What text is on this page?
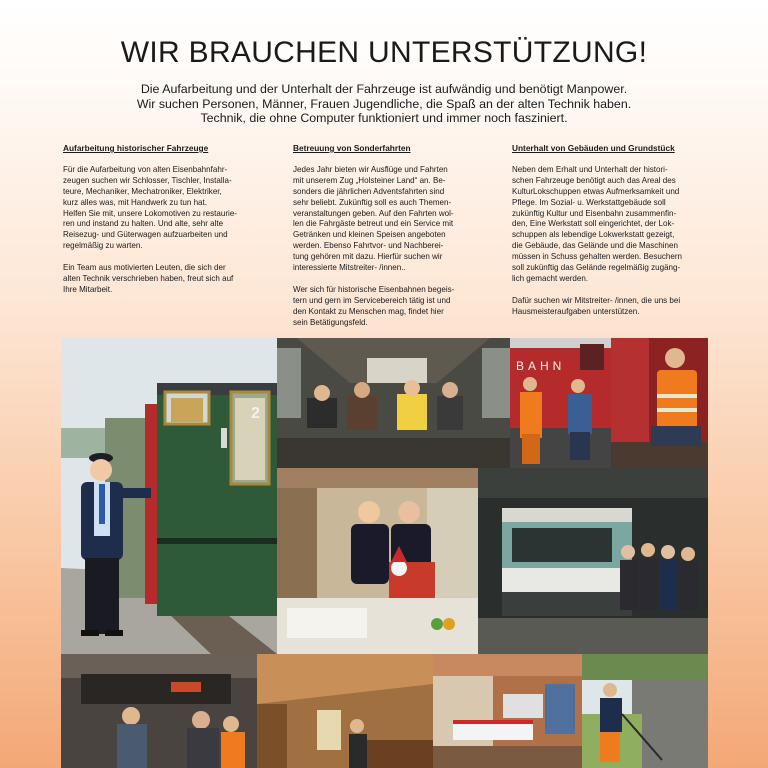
WIR BRAUCHEN UNTERSTÜTZUNG!

Die Aufarbeitung und der Unterhalt der Fahrzeuge ist aufwändig und benötigt Manpower.
Wir suchen Personen, Männer, Frauen Jugendliche, die Spaß an der alten Technik haben.
Technik, die ohne Computer funktioniert und immer noch fasziniert.

Aufarbeitung historischer Fahrzeuge

Für die Aufarbeitung von alten Eisenbahnfahr-
zeugen suchen wir Schlosser, Tischler, Installa-
teure, Mechaniker, Mechatroniker, Elektriker,
kurz alles was, mit Handwerk zu tun hat.
Helfen Sie mit, unsere Lokomotiven zu restaurie-
ren und instand zu halten. Und alte, sehr alte
Reisezug- und Güterwagen aufzuarbeiten und
regelmäßig zu warten.

Ein Team aus motivierten Leuten, die sich der
alten Technik verschrieben haben, freut sich auf
Ihre Mitarbeit.

Betreuung von Sonderfahrten

Jedes Jahr bieten wir Ausflüge und Fahrten
mit unserem Zug „Holsteiner Land“ an. Be-
sonders die jährlichen Adventsfahrten sind
sehr beliebt. Zukünftig soll es auch Themen-
veranstaltungen geben. Auf den Fahrten wol-
len die Fahrgäste betreut und ein Service mit
Getränken und kleinen Speisen angeboten
werden. Ebenso Fahrtvor- und Nachberei-
tung gehören mit dazu. Hierfür suchen wir
interessierte Mitstreiter- /innen..

Wer sich für historische Eisenbahnen begeis-
tern und gern im Servicebereich tätig ist und
den Kontakt zu Menschen mag, findet hier
sein Betätigungsfeld.

Unterhalt von Gebäuden und Grundstück

Neben dem Erhalt und Unterhalt der histori-
schen Fahrzeuge benötigt auch das Areal des
KulturLokschuppen etwas Aufmerksamkeit und
Pflege. Im Sozial- u. Werkstattgebäude soll
zukünftig Kultur und Eisenbahn zusammenfin-
den, Eine Werkstatt soll eingerichtet, der Lok-
schuppen als lebendige Lokwerkstatt gezeigt,
die Gebäude, das Gelände und die Maschinen
müssen in Schuss gehalten werden. Besuchern
soll zukünftig das Gelände regelmäßig zugäng-
lich gemacht werden.

Dafür suchen wir Mitstreiter- /innen, die uns bei
Hausmeisteraufgaben unterstützen.

BAHN
2
